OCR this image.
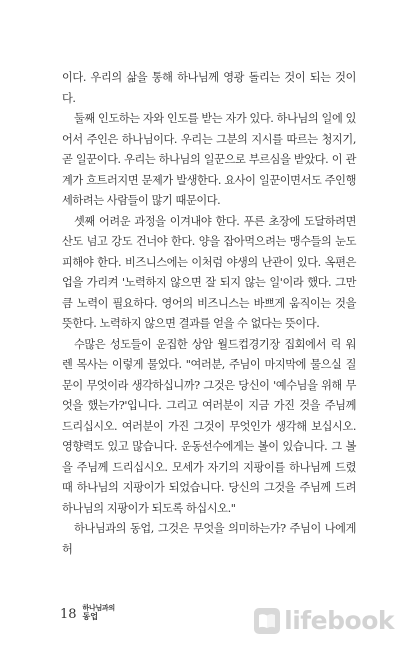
이다. 우리의 삶을 통해 하나님께 영광 돌리는 것이 되는 것이다.

둘째 인도하는 자와 인도를 받는 자가 있다. 하나님의 일에 있어서 주인은 하나님이다. 우리는 그분의 지시를 따르는 청지기, 곧 일꾼이다. 우리는 하나님의 일꾼으로 부르심을 받았다. 이 관계가 흐트러지면 문제가 발생한다. 요사이 일꾼이면서도 주인행세하려는 사람들이 많기 때문이다.

셋째 어려운 과정을 이겨내야 한다. 푸른 초장에 도달하려면 산도 넘고 강도 건너야 한다. 양을 잡아먹으려는 맹수들의 눈도 피해야 한다. 비즈니스에는 이처럼 야생의 난관이 있다. 옥편은 업을 가리켜 '노력하지 않으면 잘 되지 않는 일'이라 했다. 그만큼 노력이 필요하다. 영어의 비즈니스는 바쁘게 움직이는 것을 뜻한다. 노력하지 않으면 결과를 얻을 수 없다는 뜻이다.

수많은 성도들이 운집한 상암 월드컵경기장 집회에서 릭 워렌 목사는 이렇게 물었다. "여러분, 주님이 마지막에 물으실 질문이 무엇이라 생각하십니까? 그것은 당신이 '예수님을 위해 무엇을 했는가?'입니다. 그리고 여러분이 지금 가진 것을 주님께 드리십시오. 여러분이 가진 그것이 무엇인가 생각해 보십시오. 영향력도 있고 많습니다. 운동선수에게는 볼이 있습니다. 그 볼을 주님께 드리십시오. 모세가 자기의 지팡이를 하나님께 드렸 때 하나님의 지팡이가 되었습니다. 당신의 그것을 주님께 드려 하나님의 지팡이가 되도록 하십시오."

하나님과의 동업, 그것은 무엇을 의미하는가? 주님이 나에게 허

18 하나님과의
동업	lifebook
